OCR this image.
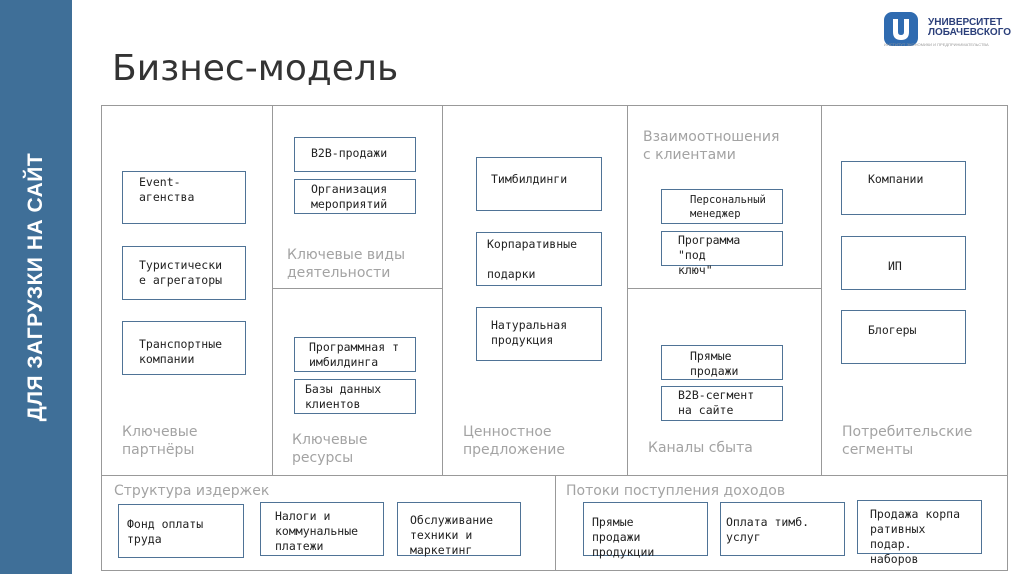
ДЛЯ ЗАГРУЗКИ НА САЙТ
УНИВЕРСИТЕТ
ЛОБАЧЕВСКОГО
ИНСТИТУТ ЭКОНОМИКИ И ПРЕДПРИНИМАТЕЛЬСТВА
Бизнес-модель
Ключевые
партнёры
Ключевые виды
деятельности
Ключевые
ресурсы
Ценностное
предложение
Взаимоотношения
с клиентами
Каналы сбыта
Потребительские
сегменты
Структура издержек	Потоки поступления доходов
Event-
агенства
Туристически
е агрегаторы
Транспортные
компании
B2B-продажи
Организация
мероприятий
Программная т
имбилдинга
Базы данных
клиентов
Тимбилдинги
Корпаративные

подарки
Натуральная
продукция
Персональный
менеджер
Программа "под
ключ"
Прямые
продажи
B2B-сегмент
на сайте
Компании
ИП
Блогеры
Фонд оплаты
труда
Налоги и
коммунальные
платежи
Обслуживание
техники и
маркетинг
Прямые
продажи
продукции
Оплата тимб.
услуг
Продажа корпа
ративных
подар.
наборов
